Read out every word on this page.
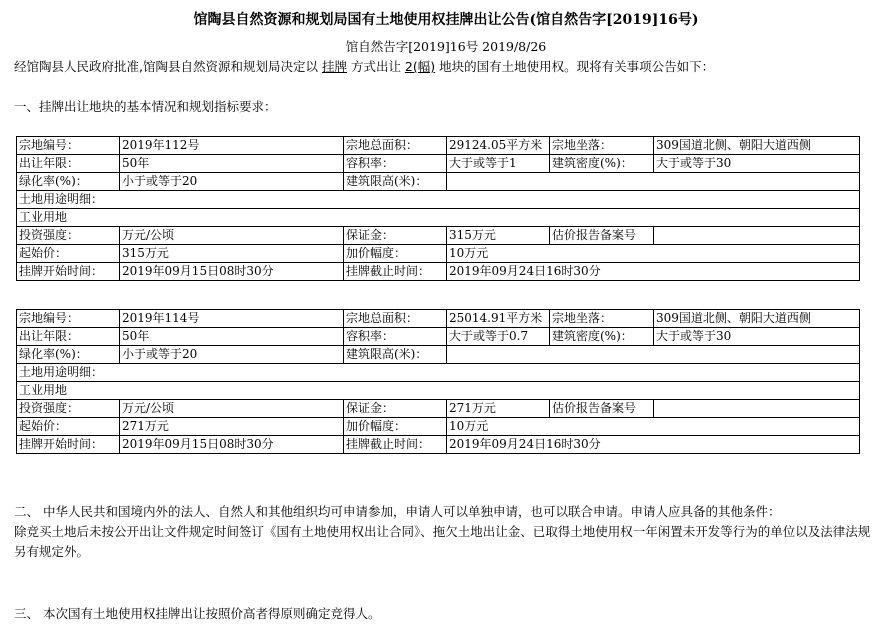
馆陶县自然资源和规划局国有土地使用权挂牌出让公告(馆自然告字[2019]16号)
馆自然告字[2019]16号 2019/8/26
经馆陶县人民政府批准,馆陶县自然资源和规划局决定以 挂牌 方式出让 2(幅) 地块的国有土地使用权。现将有关事项公告如下：
一、挂牌出让地块的基本情况和规划指标要求：
宗地编号：	2019年112号	宗地总面积：	29124.05平方米	宗地坐落：	309国道北侧、朝阳大道西侧
出让年限：	50年	容积率：	大于或等于1	建筑密度(%)：	大于或等于30
绿化率(%)：	小于或等于20	建筑限高(米)：			
土地用途明细：					
工业用地					
投资强度：	万元/公顷	保证金：	315万元	估价报告备案号	
起始价：	315万元	加价幅度：	10万元		
挂牌开始时间：	2019年09月15日08时30分	挂牌截止时间：	2019年09月24日16时30分		
宗地编号：	2019年114号	宗地总面积：	25014.91平方米	宗地坐落：	309国道北侧、朝阳大道西侧
出让年限：	50年	容积率：	大于或等于0.7	建筑密度(%)：	大于或等于30
绿化率(%)：	小于或等于20	建筑限高(米)：			
土地用途明细：					
工业用地					
投资强度：	万元/公顷	保证金：	271万元	估价报告备案号	
起始价：	271万元	加价幅度：	10万元		
挂牌开始时间：	2019年09月15日08时30分	挂牌截止时间：	2019年09月24日16时30分		

二、 中华人民共和国境内外的法人、自然人和其他组织均可申请参加，申请人可以单独申请，也可以联合申请。申请人应具备的其他条件：

除竞买土地后未按公开出让文件规定时间签订《国有土地使用权出让合同》、拖欠土地出让金、已取得土地使用权一年闲置未开发等行为的单位以及法律法规另有规定外。

三、 本次国有土地使用权挂牌出让按照价高者得原则确定竞得人。
